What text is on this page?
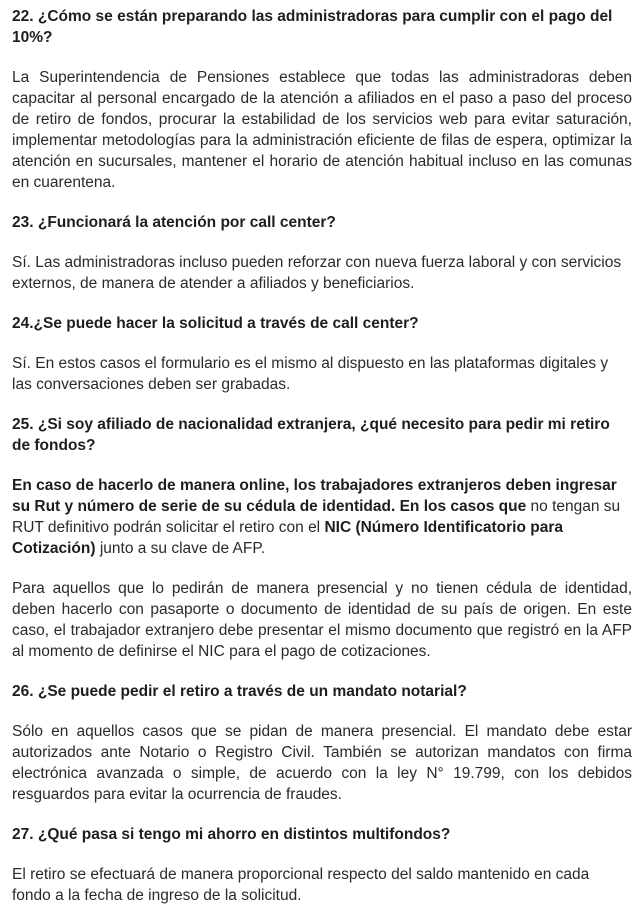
22. ¿Cómo se están preparando las administradoras para cumplir con el pago del 10%?
La Superintendencia de Pensiones establece que todas las administradoras deben capacitar al personal encargado de la atención a afiliados en el paso a paso del proceso de retiro de fondos, procurar la estabilidad de los servicios web para evitar saturación, implementar metodologías para la administración eficiente de filas de espera, optimizar la atención en sucursales, mantener el horario de atención habitual incluso en las comunas en cuarentena.
23. ¿Funcionará la atención por call center?
Sí. Las administradoras incluso pueden reforzar con nueva fuerza laboral y con servicios externos, de manera de atender a afiliados y beneficiarios.
24.¿Se puede hacer la solicitud a través de call center?
Sí. En estos casos el formulario es el mismo al dispuesto en las plataformas digitales y las conversaciones deben ser grabadas.
25. ¿Si soy afiliado de nacionalidad extranjera, ¿qué necesito para pedir mi retiro de fondos?
En caso de hacerlo de manera online, los trabajadores extranjeros deben ingresar su Rut y número de serie de su cédula de identidad. En los casos que no tengan su RUT definitivo podrán solicitar el retiro con el NIC (Número Identificatorio para Cotización) junto a su clave de AFP.
Para aquellos que lo pedirán de manera presencial y no tienen cédula de identidad, deben hacerlo con pasaporte o documento de identidad de su país de origen. En este caso, el trabajador extranjero debe presentar el mismo documento que registró en la AFP al momento de definirse el NIC para el pago de cotizaciones.
26. ¿Se puede pedir el retiro a través de un mandato notarial?
Sólo en aquellos casos que se pidan de manera presencial. El mandato debe estar autorizados ante Notario o Registro Civil. También se autorizan mandatos con firma electrónica avanzada o simple, de acuerdo con la ley N° 19.799, con los debidos resguardos para evitar la ocurrencia de fraudes.
27. ¿Qué pasa si tengo mi ahorro en distintos multifondos?
El retiro se efectuará de manera proporcional respecto del saldo mantenido en cada fondo a la fecha de ingreso de la solicitud.
